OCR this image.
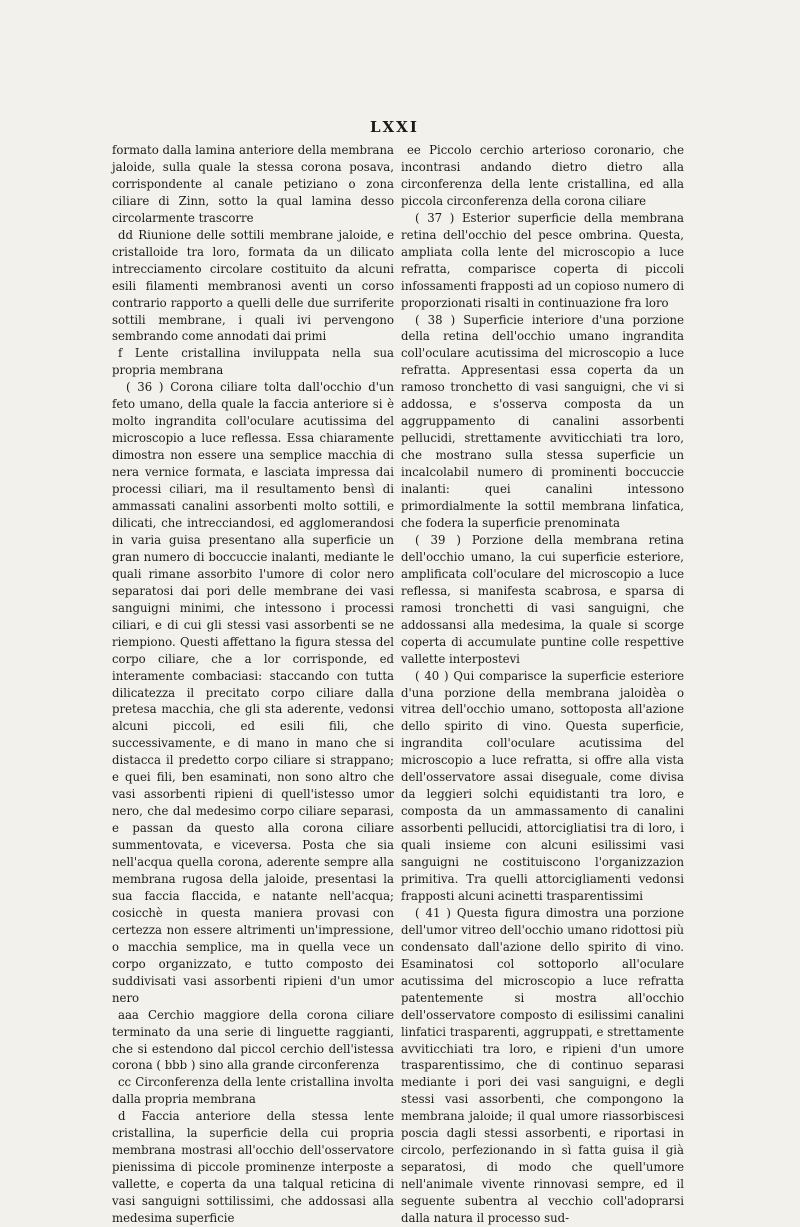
LXXI

formato dalla lamina anteriore della membrana jaloide, sulla quale la stessa corona posava, corrispondente al canale petiziano o zona ciliare di Zinn, sotto la qual lamina desso circolarmente trascorre

dd Riunione delle sottili membrane jaloide, e cristalloide tra loro, formata da un dilicato intrecciamento circolare costituito da alcuni esili filamenti membranosi aventi un corso contrario rapporto a quelli delle due surriferite sottili membrane, i quali ivi pervengono sembrando come annodati dai primi

f Lente cristallina inviluppata nella sua propria membrana

( 36 ) Corona ciliare tolta dall'occhio d'un feto umano, della quale la faccia anteriore si è molto ingrandita coll'oculare acutissima del microscopio a luce reflessa. Essa chiaramente dimostra non essere una semplice macchia di nera vernice formata, e lasciata impressa dai processi ciliari, ma il resultamento bensì di ammassati canalini assorbenti molto sottili, e dilicati, che intrecciandosi, ed agglomerandosi in varia guisa presentano alla superficie un gran numero di boccuccie inalanti, mediante le quali rimane assorbito l'umore di color nero separatosi dai pori delle membrane dei vasi sanguigni minimi, che intessono i processi ciliari, e di cui gli stessi vasi assorbenti se ne riempiono. Questi affettano la figura stessa del corpo ciliare, che a lor corrisponde, ed interamente combaciasi: staccando con tutta dilicatezza il precitato corpo ciliare dalla pretesa macchia, che gli sta aderente, vedonsi alcuni piccoli, ed esili fili, che successivamente, e di mano in mano che si distacca il predetto corpo ciliare si strappano; e quei fili, ben esaminati, non sono altro che vasi assorbenti ripieni di quell'istesso umor nero, che dal medesimo corpo ciliare separasi, e passan da questo alla corona ciliare summentovata, e viceversa. Posta che sia nell'acqua quella corona, aderente sempre alla membrana rugosa della jaloide, presentasi la sua faccia flaccida, e natante nell'acqua; cosicchè in questa maniera provasi con certezza non essere altrimenti un'impressione, o macchia semplice, ma in quella vece un corpo organizzato, e tutto composto dei suddivisati vasi assorbenti ripieni d'un umor nero

aaa Cerchio maggiore della corona ciliare terminato da una serie di linguette raggianti, che si estendono dal piccol cerchio dell'istessa corona ( bbb ) sino alla grande circonferenza

cc Circonferenza della lente cristallina involta dalla propria membrana

d Faccia anteriore della stessa lente cristallina, la superficie della cui propria membrana mostrasi all'occhio dell'osservatore pienissima di piccole prominenze interposte a vallette, e coperta da una talqual reticina di vasi sanguigni sottilissimi, che addossasi alla medesima superficie

ee Piccolo cerchio arterioso coronario, che incontrasi andando dietro dietro alla circonferenza della lente cristallina, ed alla piccola circonferenza della corona ciliare

( 37 ) Esterior superficie della membrana retina dell'occhio del pesce ombrina. Questa, ampliata colla lente del microscopio a luce refratta, comparisce coperta di piccoli infossamenti frapposti ad un copioso numero di proporzionati risalti in continuazione fra loro

( 38 ) Superficie interiore d'una porzione della retina dell'occhio umano ingrandita coll'oculare acutissima del microscopio a luce refratta. Appresentasi essa coperta da un ramoso tronchetto di vasi sanguigni, che vi si addossa, e s'osserva composta da un aggruppamento di canalini assorbenti pellucidi, strettamente avviticchiati tra loro, che mostrano sulla stessa superficie un incalcolabil numero di prominenti boccuccie inalanti: quei canalini intessono primordialmente la sottil membrana linfatica, che fodera la superficie prenominata

( 39 ) Porzione della membrana retina dell'occhio umano, la cui superficie esteriore, amplificata coll'oculare del microscopio a luce reflessa, si manifesta scabrosa, e sparsa di ramosi tronchetti di vasi sanguigni, che addossansi alla medesima, la quale si scorge coperta di accumulate puntine colle respettive vallette interpostevi

( 40 ) Qui comparisce la superficie esteriore d'una porzione della membrana jaloidèa o vitrea dell'occhio umano, sottoposta all'azione dello spirito di vino. Questa superficie, ingrandita coll'oculare acutissima del microscopio a luce refratta, si offre alla vista dell'osservatore assai diseguale, come divisa da leggieri solchi equidistanti tra loro, e composta da un ammassamento di canalini assorbenti pellucidi, attorcigliatisi tra di loro, i quali insieme con alcuni esilissimi vasi sanguigni ne costituiscono l'organizzazion primitiva. Tra quelli attorcigliamenti vedonsi frapposti alcuni acinetti trasparentissimi

( 41 ) Questa figura dimostra una porzione dell'umor vitreo dell'occhio umano ridottosi più condensato dall'azione dello spirito di vino. Esaminatosi col sottoporlo all'oculare acutissima del microscopio a luce refratta patentemente si mostra all'occhio dell'osservatore composto di esilissimi canalini linfatici trasparenti, aggruppati, e strettamente avviticchiati tra loro, e ripieni d'un umore trasparentissimo, che di continuo separasi mediante i pori dei vasi sanguigni, e degli stessi vasi assorbenti, che compongono la membrana jaloide; il qual umore riassorbiscesi poscia dagli stessi assorbenti, e riportasi in circolo, perfezionando in sì fatta guisa il già separatosi, di modo che quell'umore nell'animale vivente rinnovasi sempre, ed il seguente subentra al vecchio coll'adoprarsi dalla natura il processo sud-
